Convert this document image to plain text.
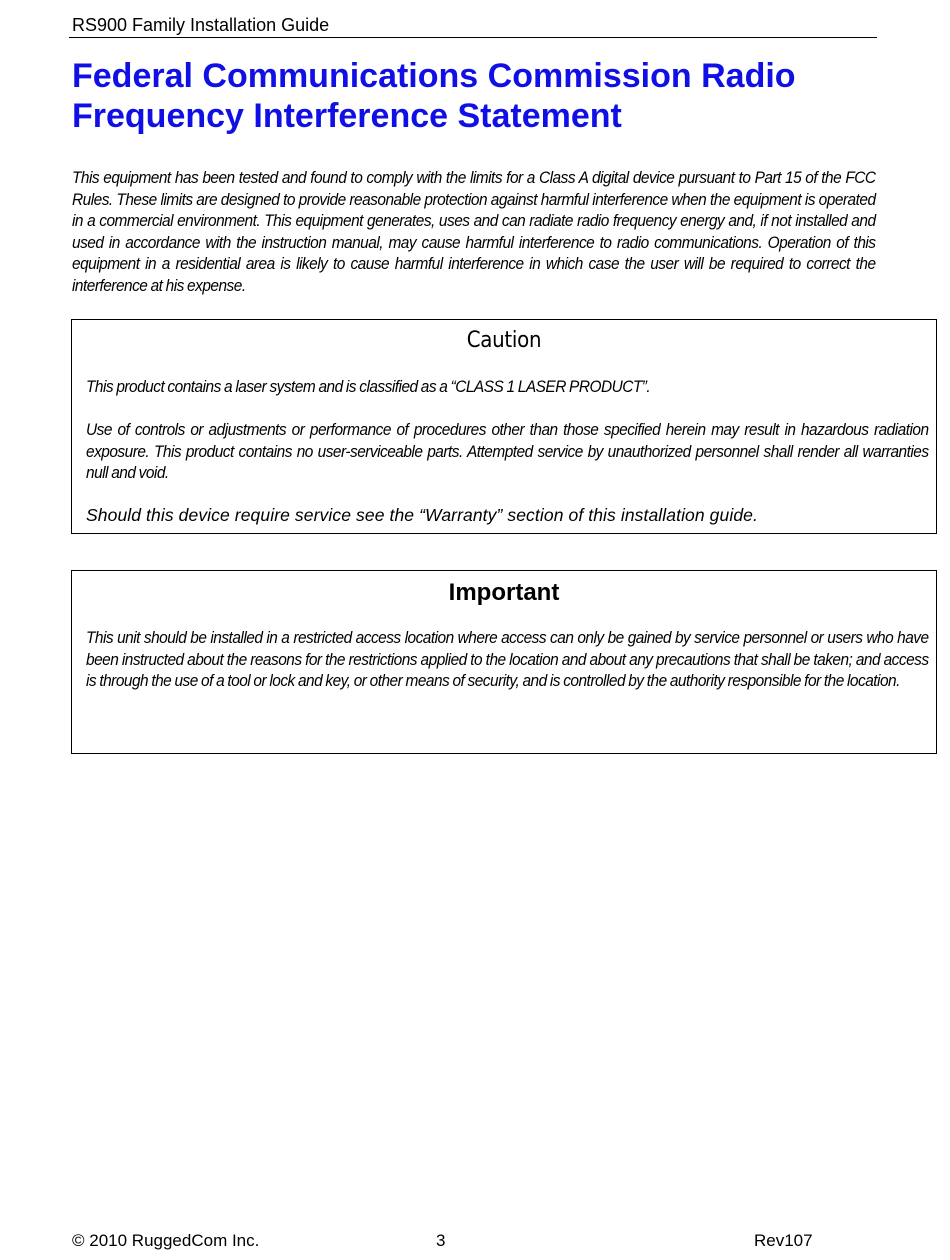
RS900 Family Installation Guide
Federal Communications Commission Radio Frequency Interference Statement

This equipment has been tested and found to comply with the limits for a Class A digital device pursuant to Part 15 of the FCC Rules. These limits are designed to provide reasonable protection against harmful interference when the equipment is operated in a commercial environment. This equipment generates, uses and can radiate radio frequency energy and, if not installed and used in accordance with the instruction manual, may cause harmful interference to radio communications. Operation of this equipment in a residential area is likely to cause harmful interference in which case the user will be required to correct the interference at his expense.

Caution

This product contains a laser system and is classified as a “CLASS 1 LASER PRODUCT”.

Use of controls or adjustments or performance of procedures other than those specified herein may result in hazardous radiation exposure. This product contains no user-serviceable parts. Attempted service by unauthorized personnel shall render all warranties null and void.

Should this device require service see the “Warranty” section of this installation guide.

Important

This unit should be installed in a restricted access location where access can only be gained by service personnel or users who have been instructed about the reasons for the restrictions applied to the location and about any precautions that shall be taken; and access is through the use of a tool or lock and key, or other means of security, and is controlled by the authority responsible for the location.

© 2010 RuggedCom Inc.	3	Rev107
